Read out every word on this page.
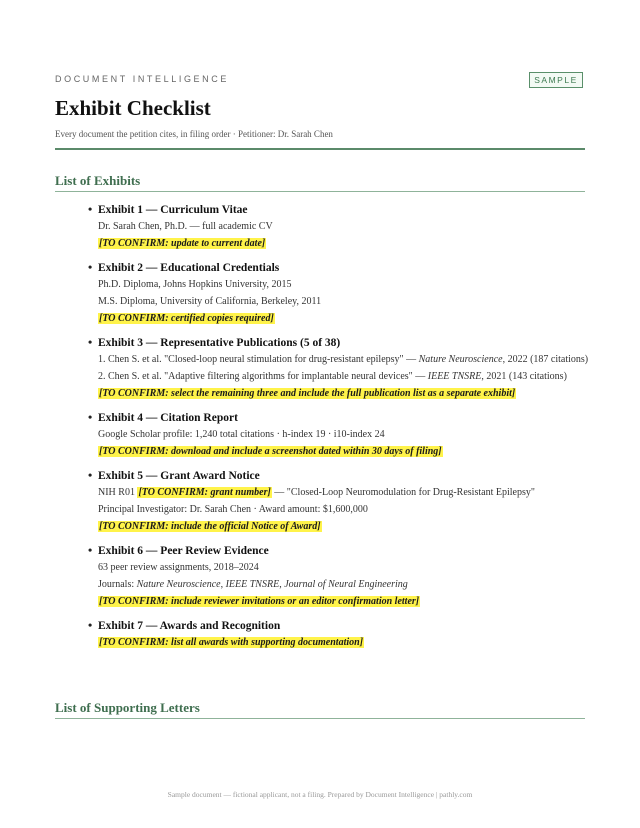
DOCUMENT INTELLIGENCE	SAMPLE
Exhibit Checklist
Every document the petition cites, in filing order · Petitioner: Dr. Sarah Chen
List of Exhibits
• Exhibit 1 — Curriculum Vitae
Dr. Sarah Chen, Ph.D. — full academic CV
[TO CONFIRM: update to current date]
• Exhibit 2 — Educational Credentials
Ph.D. Diploma, Johns Hopkins University, 2015
M.S. Diploma, University of California, Berkeley, 2011
[TO CONFIRM: certified copies required]
• Exhibit 3 — Representative Publications (5 of 38)
1. Chen S. et al. "Closed-loop neural stimulation for drug-resistant epilepsy" — Nature Neuroscience, 2022 (187 citations)
2. Chen S. et al. "Adaptive filtering algorithms for implantable neural devices" — IEEE TNSRE, 2021 (143 citations)
[TO CONFIRM: select the remaining three and include the full publication list as a separate exhibit]
• Exhibit 4 — Citation Report
Google Scholar profile: 1,240 total citations · h-index 19 · i10-index 24
[TO CONFIRM: download and include a screenshot dated within 30 days of filing]
• Exhibit 5 — Grant Award Notice
NIH R01 [TO CONFIRM: grant number] — "Closed-Loop Neuromodulation for Drug-Resistant Epilepsy"
Principal Investigator: Dr. Sarah Chen · Award amount: $1,600,000
[TO CONFIRM: include the official Notice of Award]
• Exhibit 6 — Peer Review Evidence
63 peer review assignments, 2018–2024
Journals: Nature Neuroscience, IEEE TNSRE, Journal of Neural Engineering
[TO CONFIRM: include reviewer invitations or an editor confirmation letter]
• Exhibit 7 — Awards and Recognition
[TO CONFIRM: list all awards with supporting documentation]
List of Supporting Letters
Sample document — fictional applicant, not a filing. Prepared by Document Intelligence | pathly.com
